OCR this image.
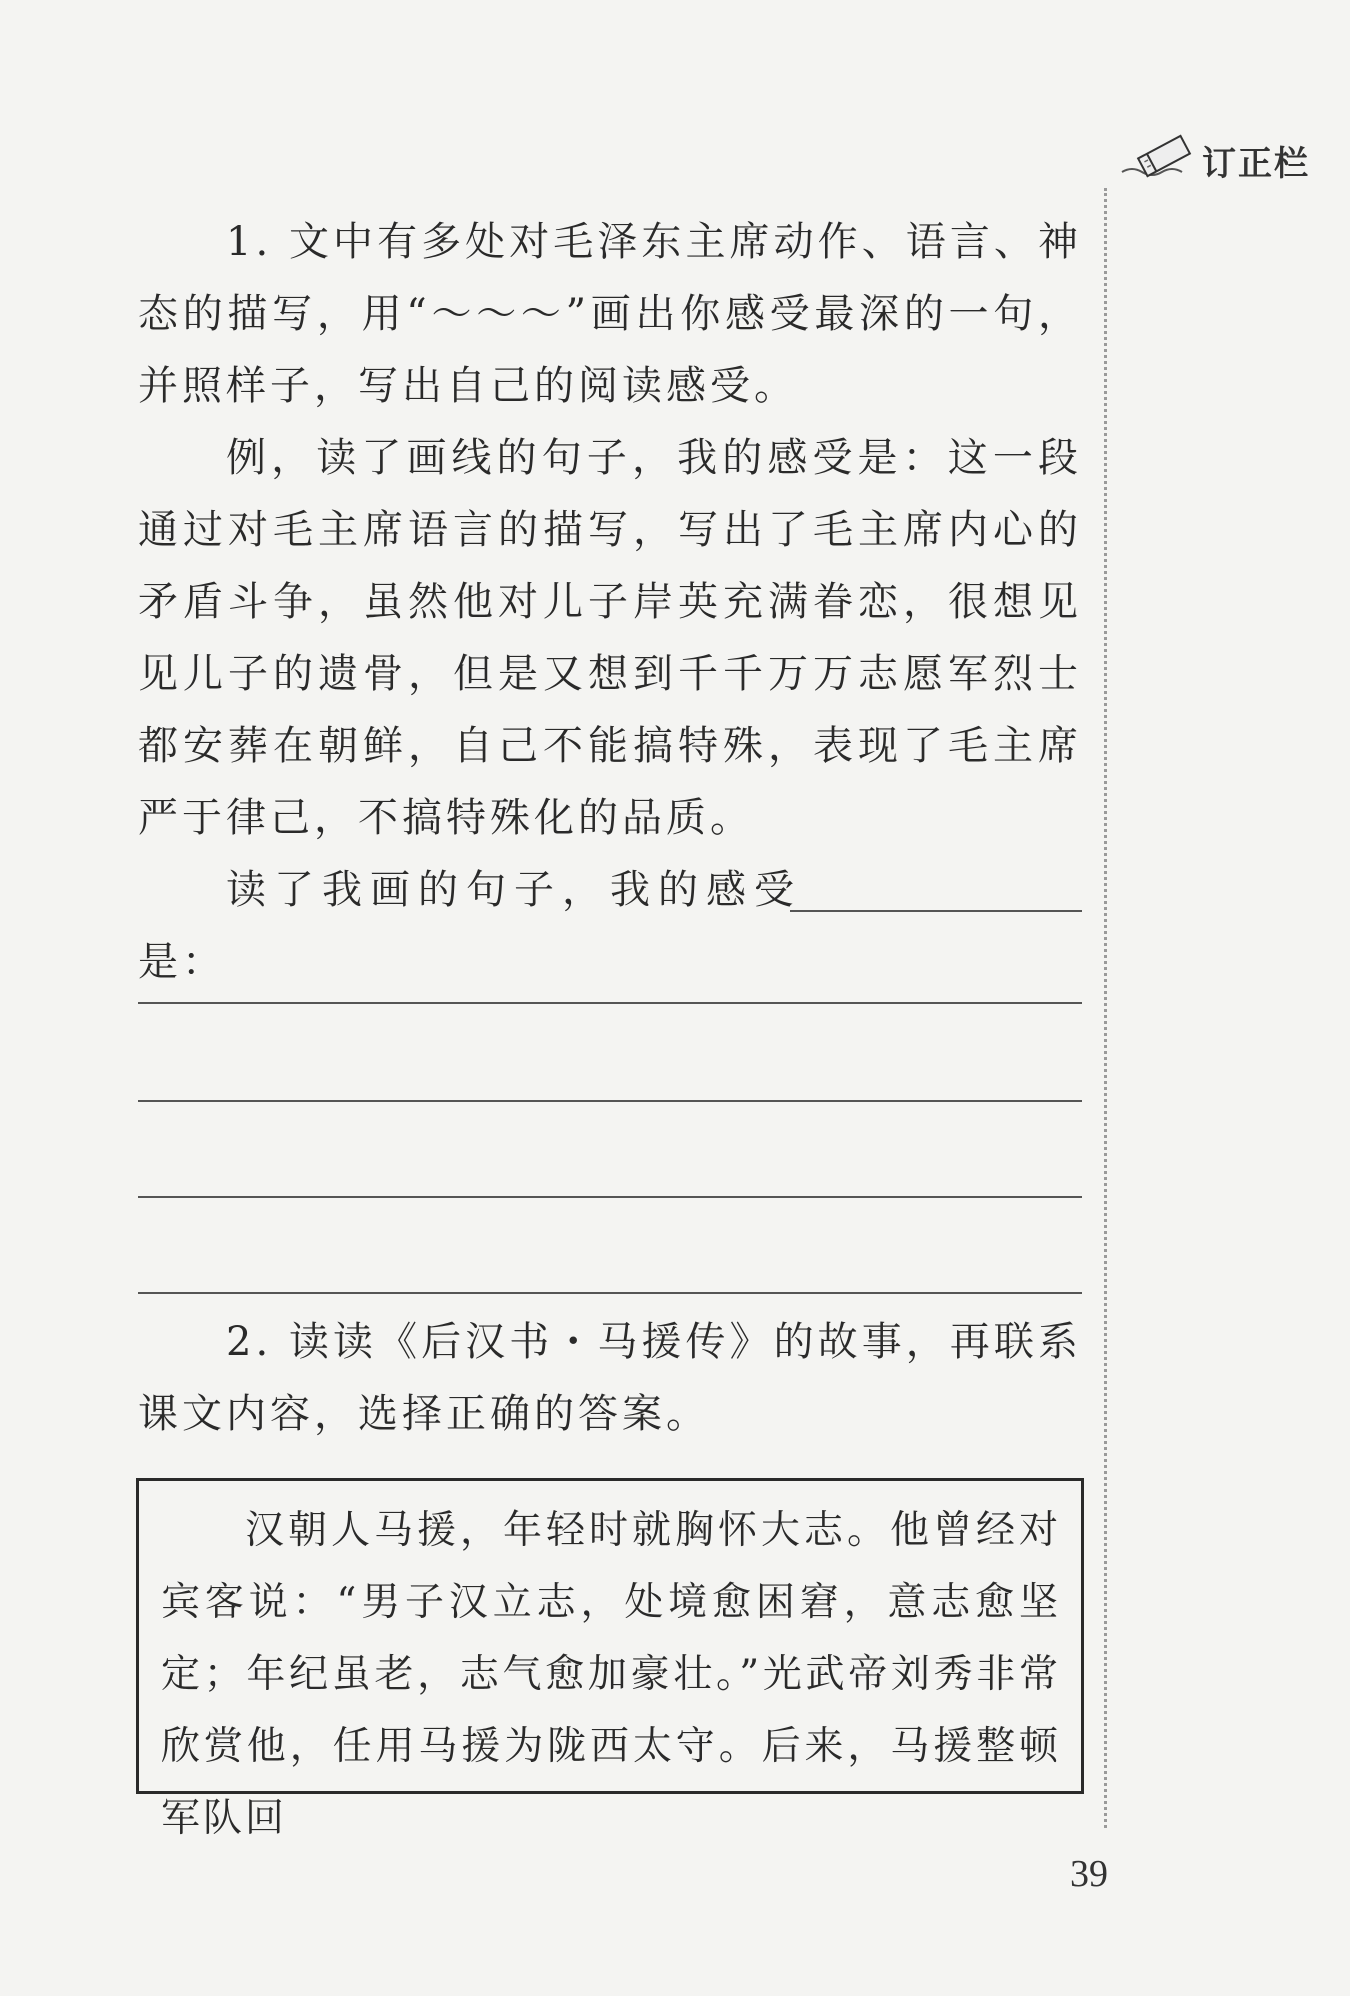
订正栏
1. 文中有多处对毛泽东主席动作、语言、神态的描写，用“～～～”画出你感受最深的一句，并照样子，写出自己的阅读感受。
例，读了画线的句子，我的感受是：这一段通过对毛主席语言的描写，写出了毛主席内心的矛盾斗争，虽然他对儿子岸英充满眷恋，很想见见儿子的遗骨，但是又想到千千万万志愿军烈士都安葬在朝鲜，自己不能搞特殊，表现了毛主席严于律己，不搞特殊化的品质。
读了我画的句子，我的感受是：
2. 读读《后汉书・马援传》的故事，再联系课文内容，选择正确的答案。
汉朝人马援，年轻时就胸怀大志。他曾经对宾客说：“男子汉立志，处境愈困窘，意志愈坚定；年纪虽老，志气愈加豪壮。”光武帝刘秀非常欣赏他，任用马援为陇西太守。后来，马援整顿军队回
39
